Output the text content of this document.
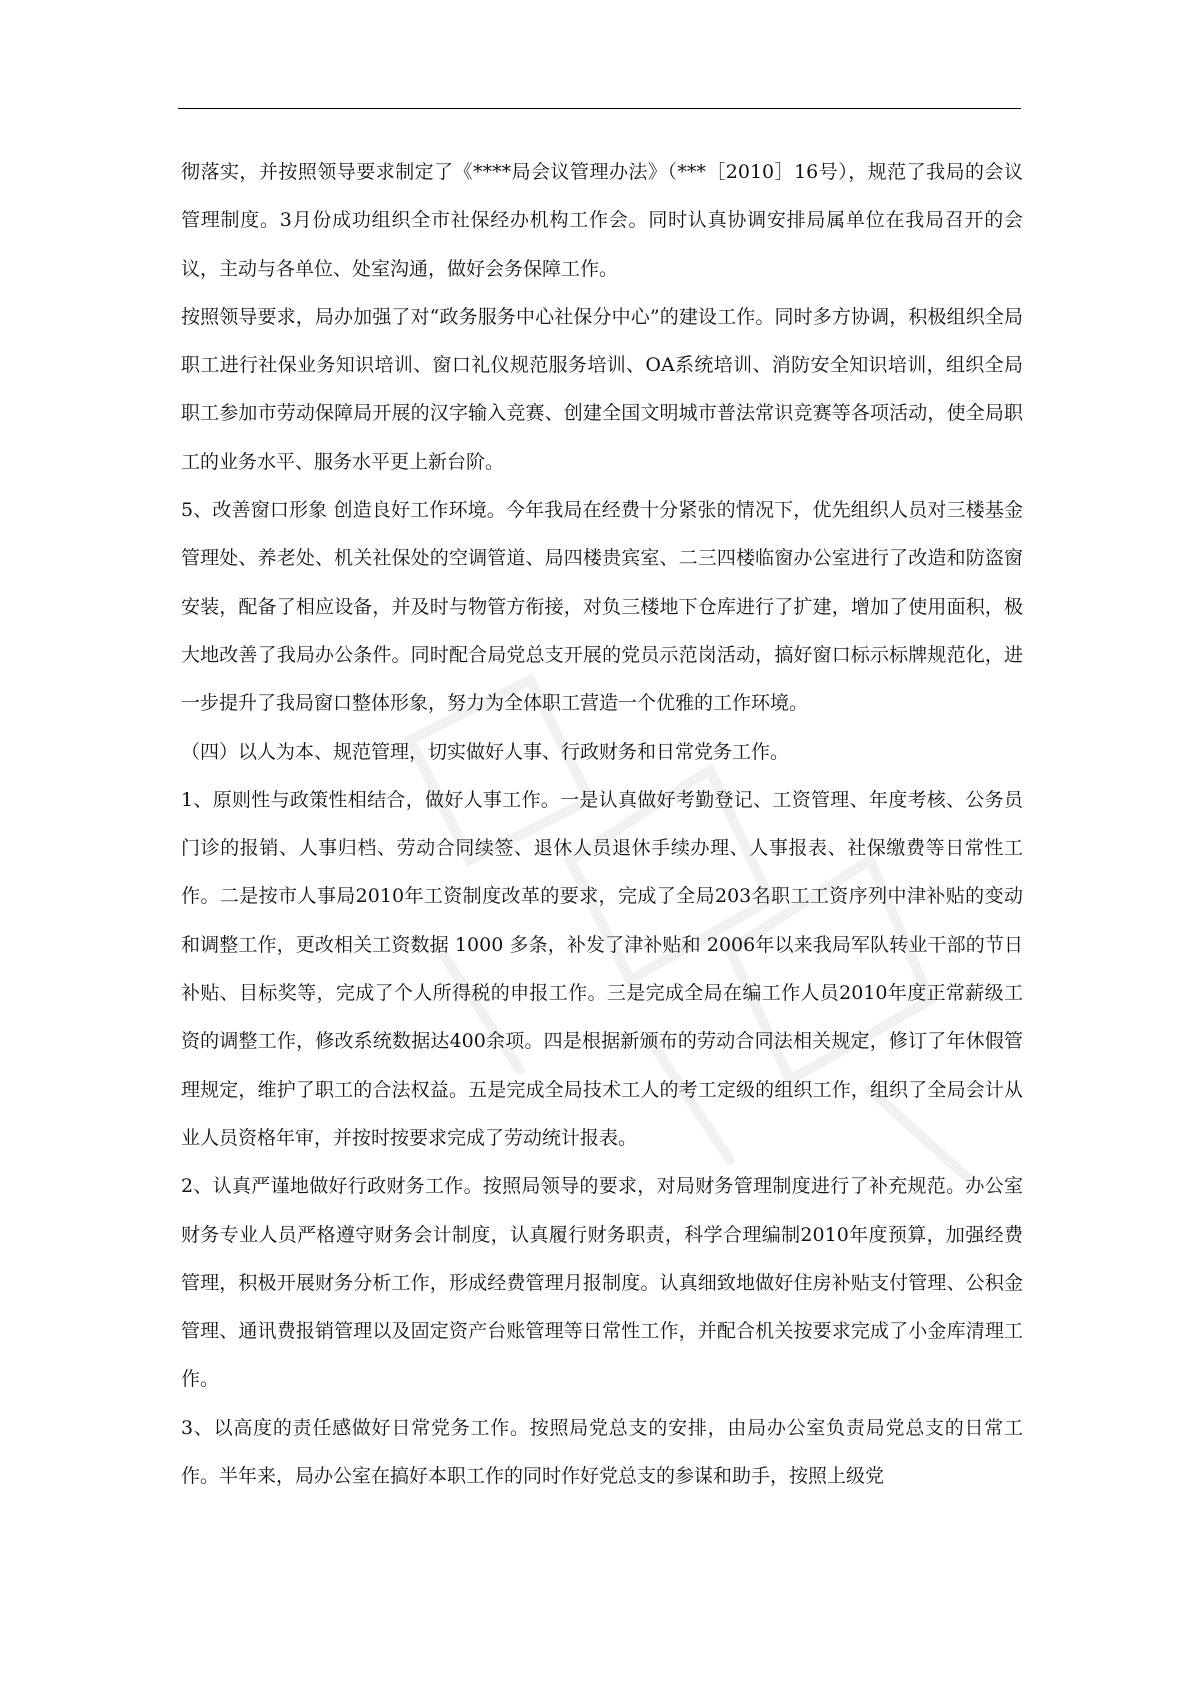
彻落实，并按照领导要求制定了《****局会议管理办法》（***［2010］16号），规范了我局的会议管理制度。3月份成功组织全市社保经办机构工作会。同时认真协调安排局属单位在我局召开的会议，主动与各单位、处室沟通，做好会务保障工作。

按照领导要求，局办加强了对“政务服务中心社保分中心”的建设工作。同时多方协调，积极组织全局职工进行社保业务知识培训、窗口礼仪规范服务培训、OA系统培训、消防安全知识培训，组织全局职工参加市劳动保障局开展的汉字输入竞赛、创建全国文明城市普法常识竞赛等各项活动，使全局职工的业务水平、服务水平更上新台阶。

5、改善窗口形象 创造良好工作环境。今年我局在经费十分紧张的情况下，优先组织人员对三楼基金管理处、养老处、机关社保处的空调管道、局四楼贵宾室、二三四楼临窗办公室进行了改造和防盗窗安装，配备了相应设备，并及时与物管方衔接，对负三楼地下仓库进行了扩建，增加了使用面积，极大地改善了我局办公条件。同时配合局党总支开展的党员示范岗活动，搞好窗口标示标牌规范化，进一步提升了我局窗口整体形象，努力为全体职工营造一个优雅的工作环境。

（四）以人为本、规范管理，切实做好人事、行政财务和日常党务工作。

1、原则性与政策性相结合，做好人事工作。一是认真做好考勤登记、工资管理、年度考核、公务员门诊的报销、人事归档、劳动合同续签、退休人员退休手续办理、人事报表、社保缴费等日常性工作。二是按市人事局2010年工资制度改革的要求，完成了全局203名职工工资序列中津补贴的变动和调整工作，更改相关工资数据 1000 多条，补发了津补贴和 2006年以来我局军队转业干部的节日补贴、目标奖等，完成了个人所得税的申报工作。三是完成全局在编工作人员2010年度正常薪级工资的调整工作，修改系统数据达400余项。四是根据新颁布的劳动合同法相关规定，修订了年休假管理规定，维护了职工的合法权益。五是完成全局技术工人的考工定级的组织工作，组织了全局会计从业人员资格年审，并按时按要求完成了劳动统计报表。

2、认真严谨地做好行政财务工作。按照局领导的要求，对局财务管理制度进行了补充规范。办公室财务专业人员严格遵守财务会计制度，认真履行财务职责，科学合理编制2010年度预算，加强经费管理，积极开展财务分析工作，形成经费管理月报制度。认真细致地做好住房补贴支付管理、公积金管理、通讯费报销管理以及固定资产台账管理等日常性工作，并配合机关按要求完成了小金库清理工作。

3、以高度的责任感做好日常党务工作。按照局党总支的安排，由局办公室负责局党总支的日常工作。半年来，局办公室在搞好本职工作的同时作好党总支的参谋和助手，按照上级党
